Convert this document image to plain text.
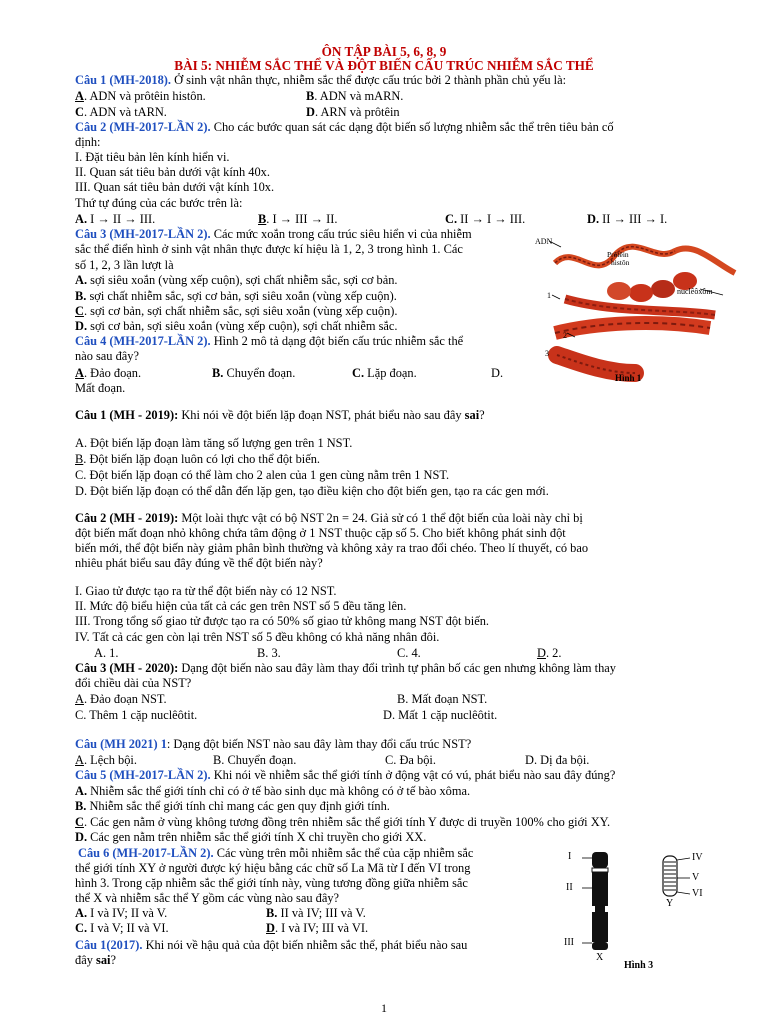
ÔN TẬP BÀI 5, 6, 8, 9
BÀI 5: NHIỄM SẮC THỂ VÀ ĐỘT BIẾN CẤU TRÚC NHIỄM SẮC THỂ
Câu 1 (MH-2018). Ở sinh vật nhân thực, nhiễm sắc thể được cấu trúc bởi 2 thành phần chủ yếu là:
A. ADN và prôtêin histôn.	B. ADN và mARN.
C. ADN và tARN.	D. ARN và prôtêin
Câu 2 (MH-2017-LẦN 2). Cho các bước quan sát các dạng đột biến số lượng nhiễm sắc thể trên tiêu bản cố
định:
I. Đặt tiêu bản lên kính hiển vi.
II. Quan sát tiêu bản dưới vật kính 40x.
III. Quan sát tiêu bản dưới vật kính 10x.
Thứ tự đúng của các bước trên là:
A. I → II → III.	B. I → III → II.	C. II → I → III.	D. II → III → I.
Câu 3 (MH-2017-LẦN 2). Các mức xoắn trong cấu trúc siêu hiển vi của nhiễm
sắc thể điển hình ở sinh vật nhân thực được kí hiệu là 1, 2, 3 trong hình 1. Các
số 1, 2, 3 lần lượt là
A. sợi siêu xoắn (vùng xếp cuộn), sợi chất nhiễm sắc, sợi cơ bản.
B. sợi chất nhiễm sắc, sợi cơ bản, sợi siêu xoắn (vùng xếp cuộn).
C. sợi cơ bản, sợi chất nhiễm sắc, sợi siêu xoắn (vùng xếp cuộn).
D. sợi cơ bản, sợi siêu xoắn (vùng xếp cuộn), sợi chất nhiễm sắc.
Câu 4 (MH-2017-LẦN 2). Hình 2 mô tả dạng đột biến cấu trúc nhiễm sắc thể
nào sau đây?
A. Đảo đoạn.	B. Chuyển đoạn.	C. Lặp đoạn.	D.
Mất đoạn.
ADN
Prôtêin
histôn
nuclêôxôm
1
2
3
Hình 1
Câu 1 (MH - 2019): Khi nói về đột biến lặp đoạn NST, phát biểu nào sau đây sai?
A. Đột biến lặp đoạn làm tăng số lượng gen trên 1 NST.
B. Đột biến lặp đoạn luôn có lợi cho thể đột biến.
C. Đột biến lặp đoạn có thể làm cho 2 alen của 1 gen cùng nằm trên 1 NST.
D. Đột biến lặp đoạn có thể dẫn đến lặp gen, tạo điều kiện cho đột biến gen, tạo ra các gen mới.
Câu 2 (MH - 2019): Một loài thực vật có bộ NST 2n = 24. Giả sử có 1 thể đột biến của loài này chỉ bị
đột biến mất đoạn nhỏ không chứa tâm động ở 1 NST thuộc cặp số 5. Cho biết không phát sinh đột
biến mới, thể đột biến này giảm phân bình thường và không xảy ra trao đổi chéo. Theo lí thuyết, có bao
nhiêu phát biểu sau đây đúng về thể đột biến này?
I. Giao tử được tạo ra từ thể đột biến này có 12 NST.
II. Mức độ biểu hiện của tất cả các gen trên NST số 5 đều tăng lên.
III. Trong tổng số giao tử được tạo ra có 50% số giao tử không mang NST đột biến.
IV. Tất cả các gen còn lại trên NST số 5 đều không có khả năng nhân đôi.
A. 1.	B. 3.	C. 4.	D. 2.
Câu 3 (MH - 2020): Dạng đột biến nào sau đây làm thay đổi trình tự phân bố các gen nhưng không làm thay
đổi chiều dài của NST?
A. Đảo đoạn NST.	B. Mất đoạn NST.
C. Thêm 1 cặp nuclêôtit.	D. Mất 1 cặp nuclêôtit.
Câu (MH 2021) 1: Dạng đột biến NST nào sau đây làm thay đổi cấu trúc NST?
A. Lệch bội.	B. Chuyển đoạn.	C. Đa bội.	D. Dị đa bội.
Câu 5 (MH-2017-LẦN 2). Khi nói về nhiễm sắc thể giới tính ở động vật có vú, phát biểu nào sau đây đúng?
A. Nhiễm sắc thể giới tính chỉ có ở tế bào sinh dục mà không có ở tế bào xôma.
B. Nhiễm sắc thể giới tính chỉ mang các gen quy định giới tính.
C. Các gen nằm ở vùng không tương đồng trên nhiễm sắc thể giới tính Y được di truyền 100% cho giới XY.
D. Các gen nằm trên nhiễm sắc thể giới tính X chỉ truyền cho giới XX.
Câu 6 (MH-2017-LẦN 2). Các vùng trên mỗi nhiễm sắc thể của cặp nhiễm sắc
thể giới tính XY ở người được ký hiệu bằng các chữ số La Mã từ I đến VI trong
hình 3. Trong cặp nhiễm sắc thể giới tính này, vùng tương đồng giữa nhiễm sắc
thể X và nhiễm sắc thể Y gồm các vùng nào sau đây?
A. I và IV; II và V.	B. II và IV; III và V.
C. I và V; II và VI.	D. I và IV; III và VI.
Câu 1(2017). Khi nói về hậu quả của đột biến nhiễm sắc thể, phát biểu nào sau
đây sai?
I
II
III
IV
V
VI
X
Y
Hình 3
1
